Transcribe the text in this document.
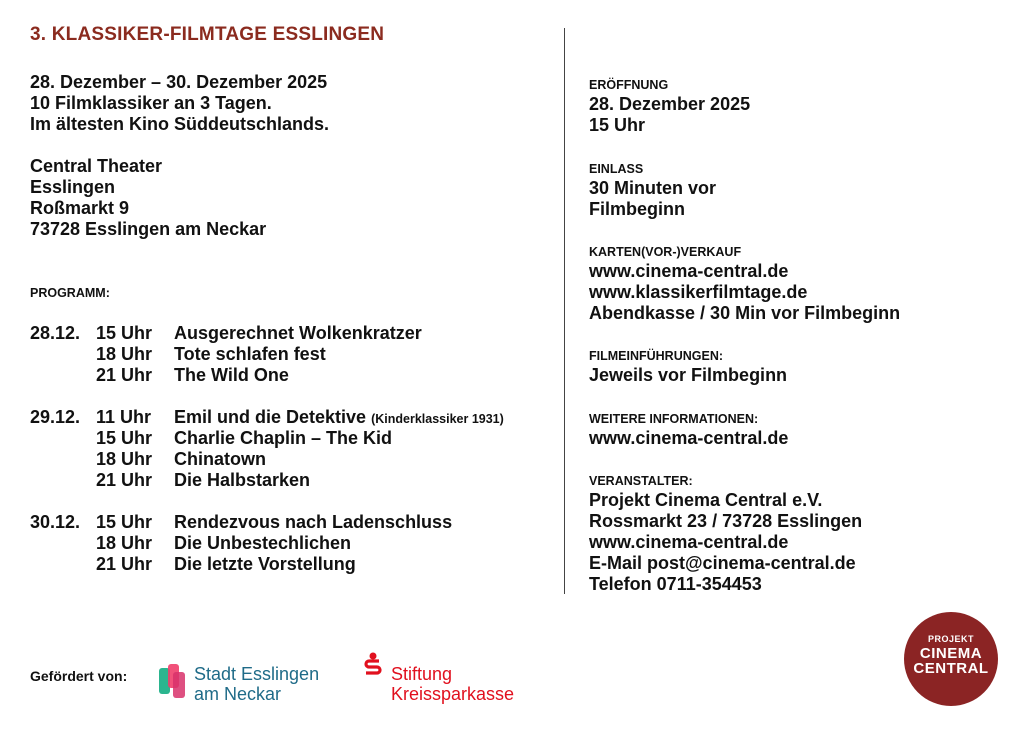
3. KLASSIKER-FILMTAGE ESSLINGEN
28. Dezember – 30. Dezember 2025
10 Filmklassiker an 3 Tagen.
Im ältesten Kino Süddeutschlands.
Central Theater
Esslingen
Roßmarkt 9
73728 Esslingen am Neckar
PROGRAMM:
28.12. 15 Uhr Ausgerechnet Wolkenkratzer
18 Uhr Tote schlafen fest
21 Uhr The Wild One
29.12. 11 Uhr Emil und die Detektive (Kinderklassiker 1931)
15 Uhr Charlie Chaplin – The Kid
18 Uhr Chinatown
21 Uhr Die Halbstarken
30.12. 15 Uhr Rendezvous nach Ladenschluss
18 Uhr Die Unbestechlichen
21 Uhr Die letzte Vorstellung
ERÖFFNUNG
28. Dezember 2025
15 Uhr
EINLASS
30 Minuten vor
Filmbeginn
KARTEN(VOR-)VERKAUF
www.cinema-central.de
www.klassikerfilmtage.de
Abendkasse / 30 Min vor Filmbeginn
FILMEINFÜHRUNGEN:
Jeweils vor Filmbeginn
WEITERE INFORMATIONEN:
www.cinema-central.de
VERANSTALTER:
Projekt Cinema Central e.V.
Rossmarkt 23 / 73728 Esslingen
www.cinema-central.de
E-Mail post@cinema-central.de
Telefon 0711-354453
Gefördert von:	Stadt Esslingen
am Neckar
Stiftung
Kreissparkasse
PROJEKT
CINEMA
CENTRAL
